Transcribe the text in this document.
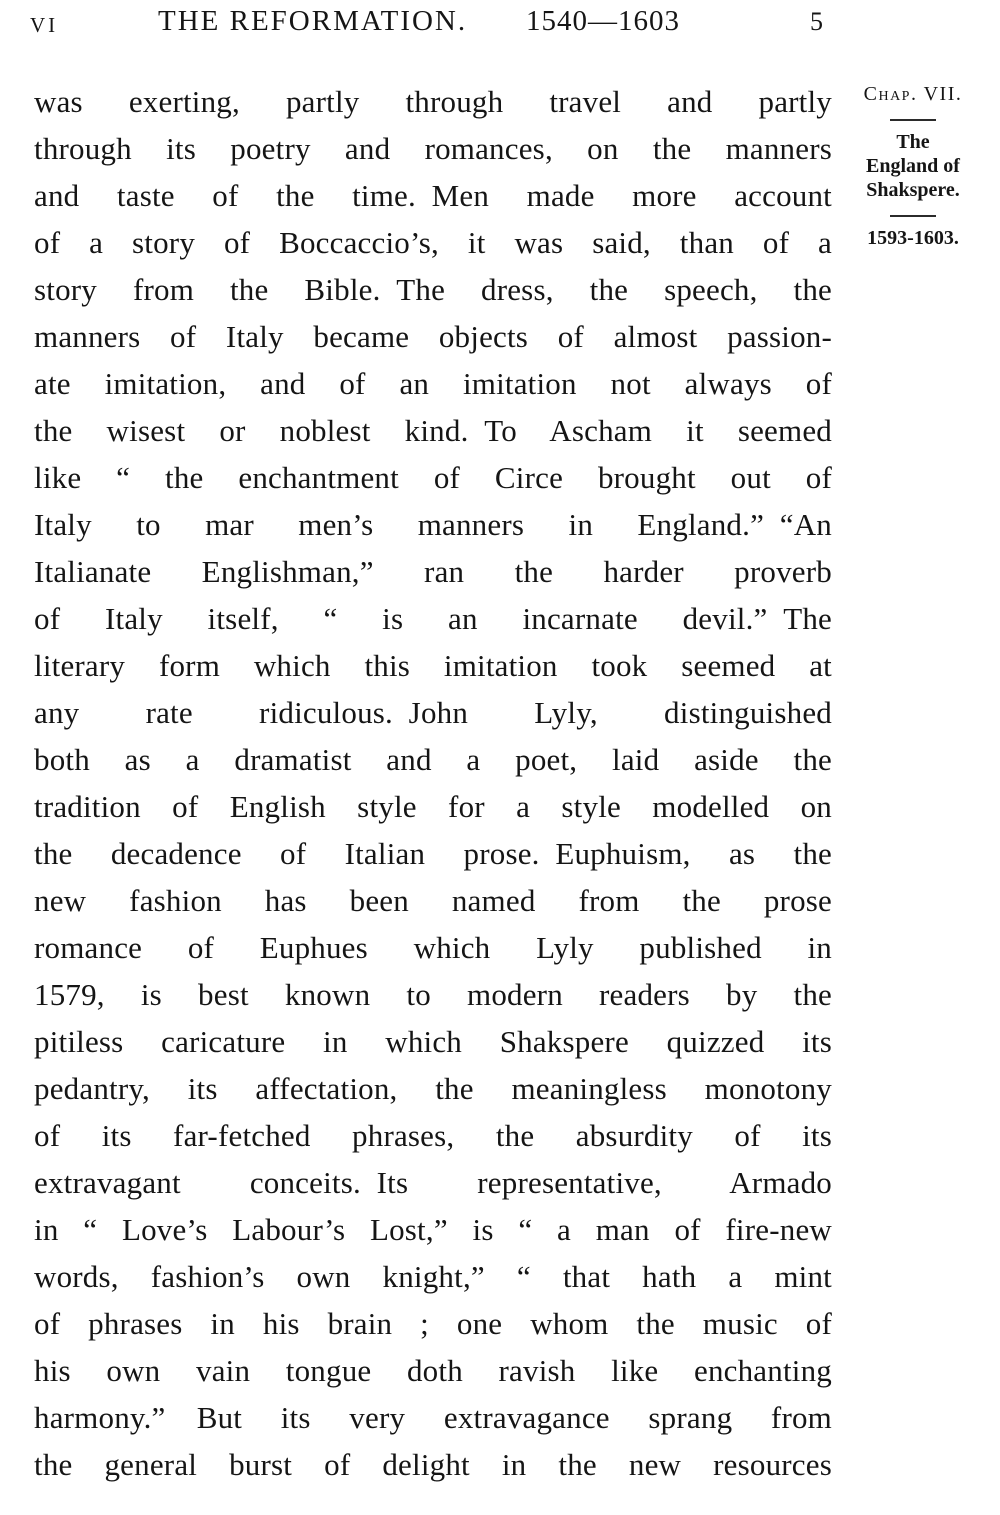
VI	THE REFORMATION. 1540—1603	5
was exerting, partly through travel and partly
through its poetry and romances, on the manners
and taste of the time. Men made more account
of a story of Boccaccio’s, it was said, than of a
story from the Bible. The dress, the speech, the
manners of Italy became objects of almost passion-
ate imitation, and of an imitation not always of
the wisest or noblest kind. To Ascham it seemed
like “ the enchantment of Circe brought out of
Italy to mar men’s manners in England.” “An
Italianate Englishman,” ran the harder proverb
of Italy itself, “ is an incarnate devil.” The
literary form which this imitation took seemed at
any rate ridiculous. John Lyly, distinguished
both as a dramatist and a poet, laid aside the
tradition of English style for a style modelled on
the decadence of Italian prose. Euphuism, as the
new fashion has been named from the prose
romance of Euphues which Lyly published in
1579, is best known to modern readers by the
pitiless caricature in which Shakspere quizzed its
pedantry, its affectation, the meaningless monotony
of its far-fetched phrases, the absurdity of its
extravagant conceits. Its representative, Armado
in “ Love’s Labour’s Lost,” is “ a man of fire-new
words, fashion’s own knight,” “ that hath a mint
of phrases in his brain ; one whom the music of
his own vain tongue doth ravish like enchanting
harmony.” But its very extravagance sprang from
the general burst of delight in the new resources
Chap. VII.
The
England of
Shakspere.
1593-1603.
